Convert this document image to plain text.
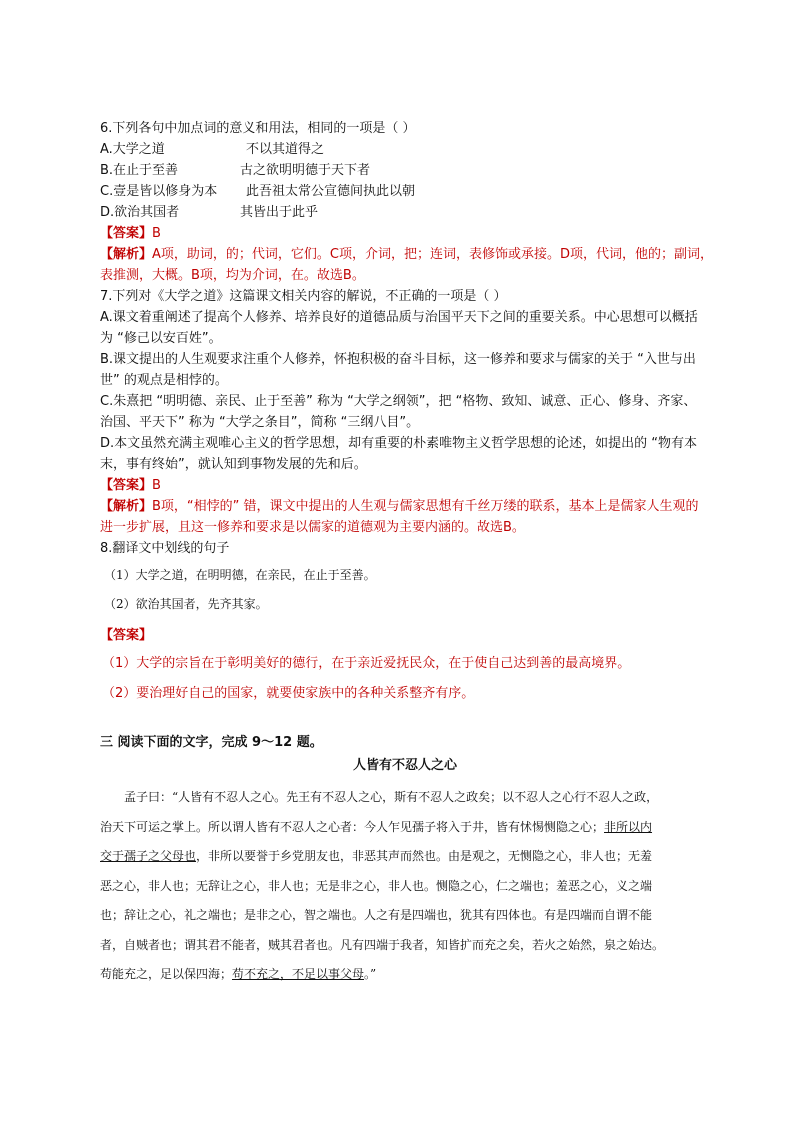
6.下列各句中加点词的意义和用法，相同的一项是（ ）
A.大学之道	不以其道得之
B.在止于至善	古之欲明明德于天下者
C.壹是皆以修身为本 此吾祖太常公宣德间执此以朝
D.欲治其国者	其皆出于此乎
【答案】B
【解析】A项，助词，的；代词，它们。C项，介词，把；连词，表修饰或承接。D项，代词，他的；副词，
表推测，大概。B项，均为介词，在。故选B。
7.下列对《大学之道》这篇课文相关内容的解说，不正确的一项是（ ）
A.课文着重阐述了提高个人修养、培养良好的道德品质与治国平天下之间的重要关系。中心思想可以概括
为 “修己以安百姓”。
B.课文提出的人生观要求注重个人修养，怀抱积极的奋斗目标，这一修养和要求与儒家的关于 “入世与出
世” 的观点是相悖的。
C.朱熹把 “明明德、亲民、止于至善” 称为 “大学之纲领”，把 “格物、致知、诚意、正心、修身、齐家、
治国、平天下” 称为 “大学之条目”，简称 “三纲八目”。
D.本文虽然充满主观唯心主义的哲学思想，却有重要的朴素唯物主义哲学思想的论述，如提出的 “物有本
末，事有终始”，就认知到事物发展的先和后。
【答案】B
【解析】B项，“相悖的” 错，课文中提出的人生观与儒家思想有千丝万缕的联系，基本上是儒家人生观的
进一步扩展，且这一修养和要求是以儒家的道德观为主要内涵的。故选B。
8.翻译文中划线的句子
（1）大学之道，在明明德，在亲民，在止于至善。
（2）欲治其国者，先齐其家。
【答案】
（1）大学的宗旨在于彰明美好的德行，在于亲近爱抚民众，在于使自己达到善的最高境界。
（2）要治理好自己的国家，就要使家族中的各种关系整齐有序。
三 阅读下面的文字，完成 9～12 题。
人皆有不忍人之心
孟子曰：“人皆有不忍人之心。先王有不忍人之心，斯有不忍人之政矣；以不忍人之心行不忍人之政，
治天下可运之掌上。所以谓人皆有不忍人之心者：今人乍见孺子将入于井，皆有怵惕恻隐之心；非所以内
交于孺子之父母也，非所以要誉于乡党朋友也，非恶其声而然也。由是观之，无恻隐之心，非人也；无羞
恶之心，非人也；无辞让之心，非人也；无是非之心，非人也。恻隐之心，仁之端也；羞恶之心，义之端
也；辞让之心，礼之端也；是非之心，智之端也。人之有是四端也，犹其有四体也。有是四端而自谓不能
者，自贼者也；谓其君不能者，贼其君者也。凡有四端于我者，知皆扩而充之矣，若火之始然，泉之始达。
苟能充之，足以保四海；苟不充之，不足以事父母。”
